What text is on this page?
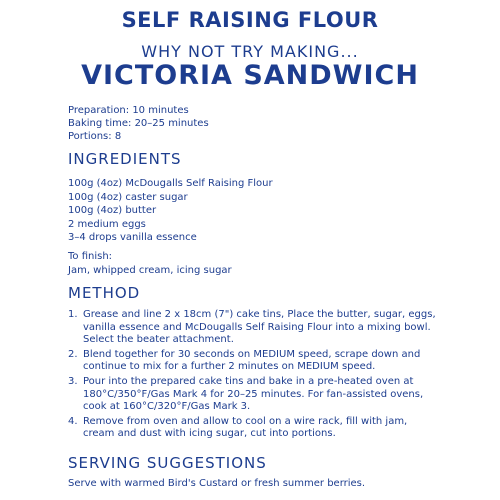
SELF RAISING FLOUR
WHY NOT TRY MAKING...
VICTORIA SANDWICH
Preparation: 10 minutes
Baking time: 20–25 minutes
Portions: 8
INGREDIENTS
100g (4oz) McDougalls Self Raising Flour
100g (4oz) caster sugar
100g (4oz) butter
2 medium eggs
3–4 drops vanilla essence
To finish:
Jam, whipped cream, icing sugar
METHOD
1. Grease and line 2 x 18cm (7") cake tins, Place the butter, sugar, eggs, vanilla essence and McDougalls Self Raising Flour into a mixing bowl. Select the beater attachment.
2. Blend together for 30 seconds on MEDIUM speed, scrape down and continue to mix for a further 2 minutes on MEDIUM speed.
3. Pour into the prepared cake tins and bake in a pre-heated oven at 180°C/350°F/Gas Mark 4 for 20–25 minutes. For fan-assisted ovens, cook at 160°C/320°F/Gas Mark 3.
4. Remove from oven and allow to cool on a wire rack, fill with jam, cream and dust with icing sugar, cut into portions.
SERVING SUGGESTIONS
Serve with warmed Bird's Custard or fresh summer berries.
